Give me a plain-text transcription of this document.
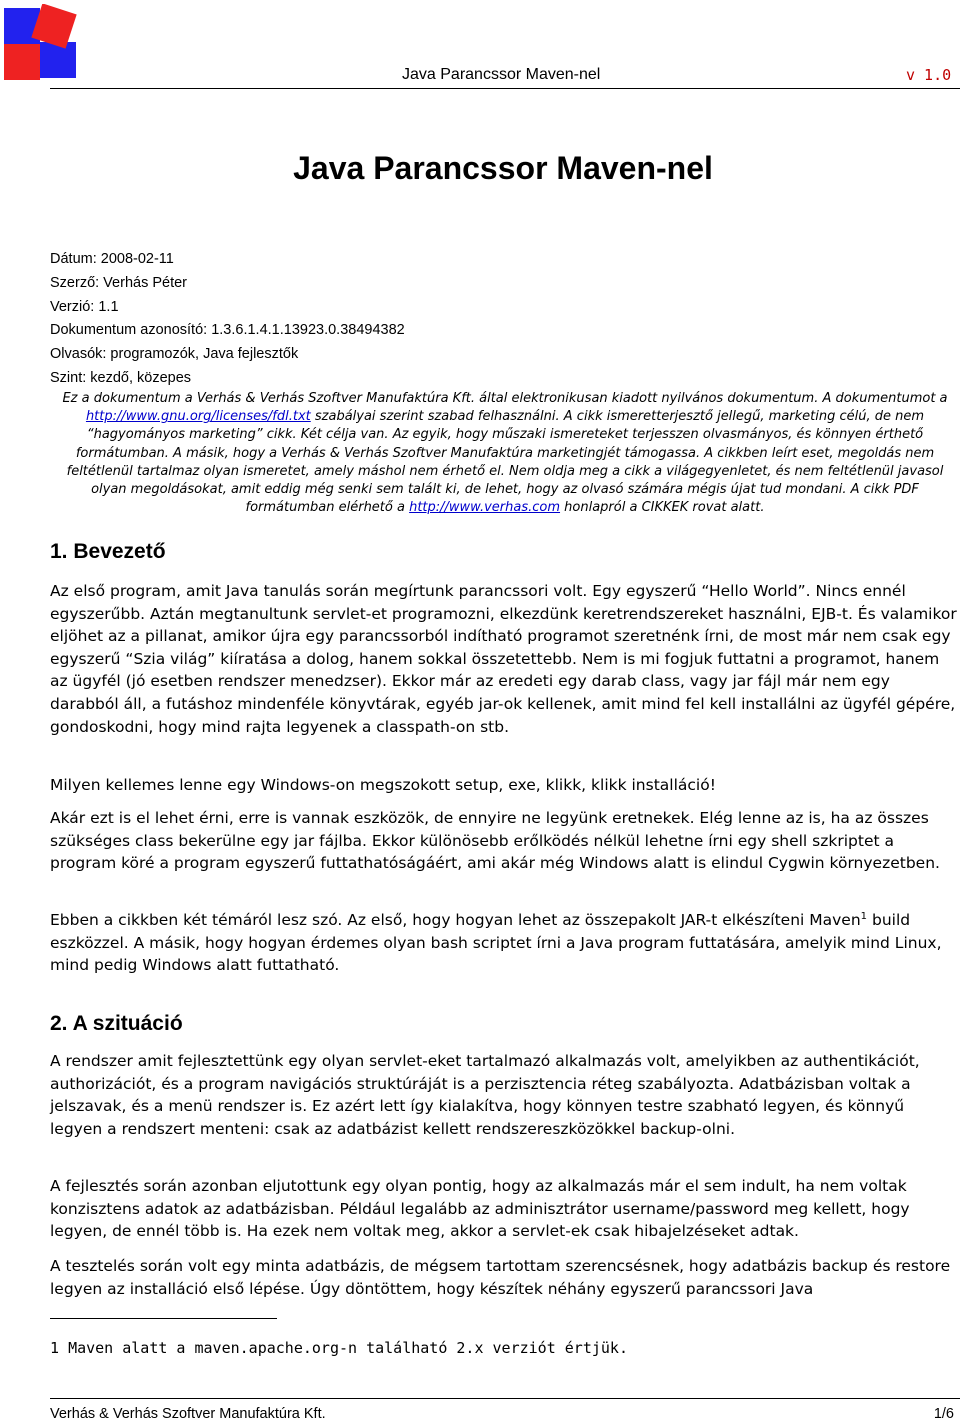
Java Parancssor Maven-nel	v 1.0
Java Parancssor Maven-nel
Dátum: 2008-02-11
Szerző: Verhás Péter
Verzió: 1.1
Dokumentum azonosító: 1.3.6.1.4.1.13923.0.38494382
Olvasók: programozók, Java fejlesztők
Szint: kezdő, közepes

Ez a dokumentum a Verhás & Verhás Szoftver Manufaktúra Kft. által elektronikusan kiadott nyilvános dokumentum. A dokumentumot a http://www.gnu.org/licenses/fdl.txt szabályai szerint szabad felhasználni. A cikk ismeretterjesztő jellegű, marketing célú, de nem “hagyományos marketing” cikk. Két célja van. Az egyik, hogy műszaki ismereteket terjesszen olvasmányos, és könnyen érthető formátumban. A másik, hogy a Verhás & Verhás Szoftver Manufaktúra marketingjét támogassa. A cikkben leírt eset, megoldás nem feltétlenül tartalmaz olyan ismeretet, amely máshol nem érhető el. Nem oldja meg a cikk a világegyenletet, és nem feltétlenül javasol olyan megoldásokat, amit eddig még senki sem talált ki, de lehet, hogy az olvasó számára mégis újat tud mondani. A cikk PDF formátumban elérhető a http://www.verhas.com honlapról a CIKKEK rovat alatt.

1. Bevezető

Az első program, amit Java tanulás során megírtunk parancssori volt. Egy egyszerű “Hello World”. Nincs ennél egyszerűbb. Aztán megtanultunk servlet-et programozni, elkezdünk keretrendszereket használni, EJB-t. És valamikor eljöhet az a pillanat, amikor újra egy parancssorból indítható programot szeretnénk írni, de most már nem csak egy egyszerű “Szia világ” kiíratása a dolog, hanem sokkal összetettebb. Nem is mi fogjuk futtatni a programot, hanem az ügyfél (jó esetben rendszer menedzser). Ekkor már az eredeti egy darab class, vagy jar fájl már nem egy darabból áll, a futáshoz mindenféle könyvtárak, egyéb jar-ok kellenek, amit mind fel kell installálni az ügyfél gépére, gondoskodni, hogy mind rajta legyenek a classpath-on stb.

Milyen kellemes lenne egy Windows-on megszokott setup, exe, klikk, klikk installáció!

Akár ezt is el lehet érni, erre is vannak eszközök, de ennyire ne legyünk eretnekek. Elég lenne az is, ha az összes szükséges class bekerülne egy jar fájlba. Ekkor különösebb erőlködés nélkül lehetne írni egy shell szkriptet a program köré a program egyszerű futtathatóságáért, ami akár még Windows alatt is elindul Cygwin környezetben.

Ebben a cikkben két témáról lesz szó. Az első, hogy hogyan lehet az összepakolt JAR-t elkészíteni Maven$^1$ build eszközzel. A másik, hogy hogyan érdemes olyan bash scriptet írni a Java program futtatására, amelyik mind Linux, mind pedig Windows alatt futtatható.

2. A szituáció

A rendszer amit fejlesztettünk egy olyan servlet-eket tartalmazó alkalmazás volt, amelyikben az authentikációt, authorizációt, és a program navigációs struktúráját is a perzisztencia réteg szabályozta. Adatbázisban voltak a jelszavak, és a menü rendszer is. Ez azért lett így kialakítva, hogy könnyen testre szabható legyen, és könnyű legyen a rendszert menteni: csak az adatbázist kellett rendszereszközökkel backup-olni.

A fejlesztés során azonban eljutottunk egy olyan pontig, hogy az alkalmazás már el sem indult, ha nem voltak konzisztens adatok az adatbázisban. Például legalább az adminisztrátor username/password meg kellett, hogy legyen, de ennél több is. Ha ezek nem voltak meg, akkor a servlet-ek csak hibajelzéseket adtak.

A tesztelés során volt egy minta adatbázis, de mégsem tartottam szerencsésnek, hogy adatbázis backup és restore legyen az installáció első lépése. Úgy döntöttem, hogy készítek néhány egyszerű parancssori Java

1 Maven alatt a maven.apache.org-n található 2.x verziót értjük.

Verhás & Verhás Szoftver Manufaktúra Kft.	1/6
